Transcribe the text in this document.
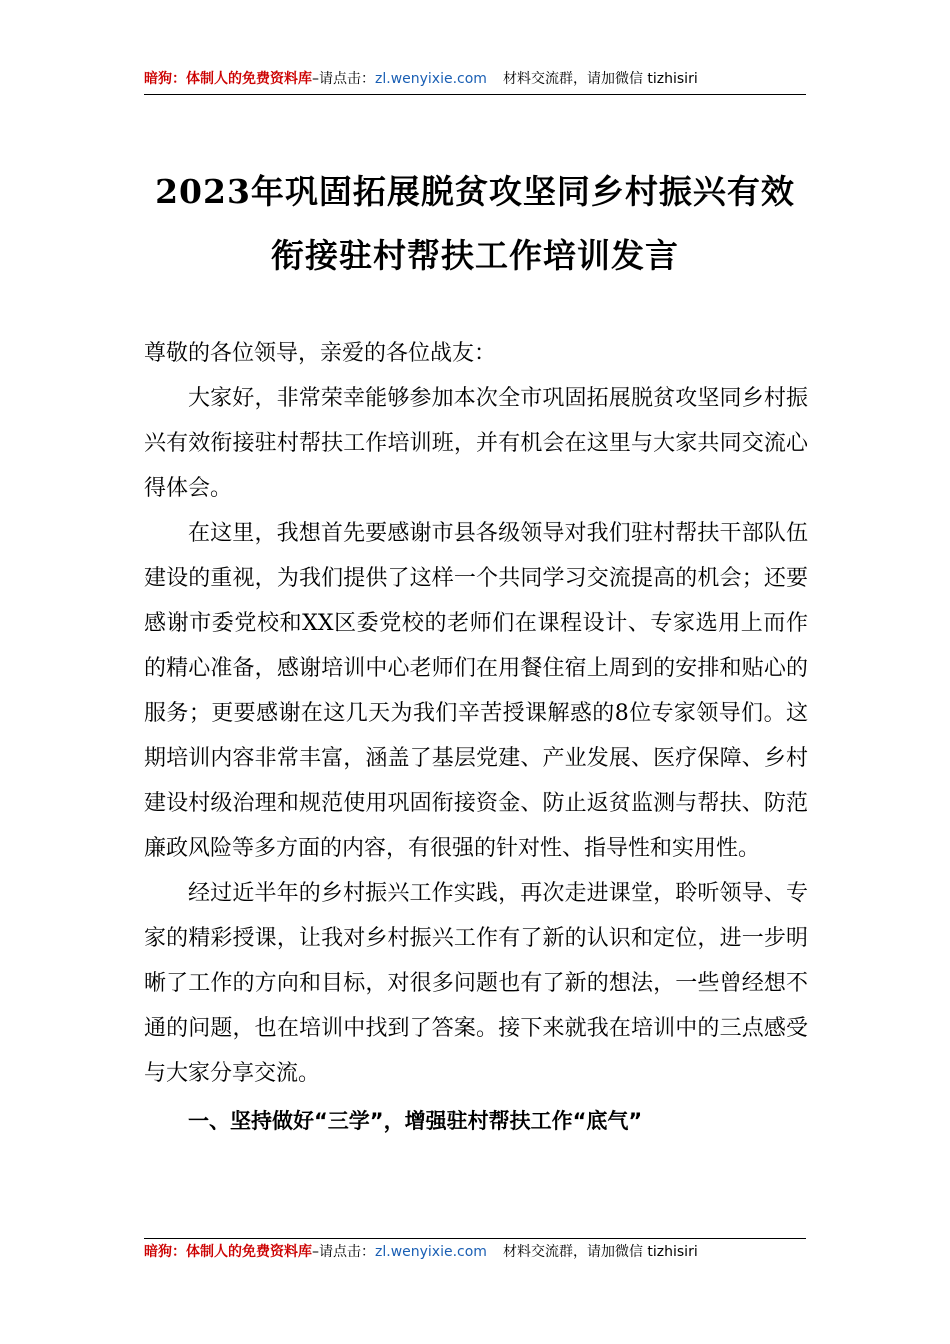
暗狗：体制人的免费资料库–请点击：zl.wenyixie.com 材料交流群，请加微信 tizhisiri
2023年巩固拓展脱贫攻坚同乡村振兴有效
衔接驻村帮扶工作培训发言

尊敬的各位领导，亲爱的各位战友：

大家好，非常荣幸能够参加本次全市巩固拓展脱贫攻坚同乡村振兴有效衔接驻村帮扶工作培训班，并有机会在这里与大家共同交流心得体会。

在这里，我想首先要感谢市县各级领导对我们驻村帮扶干部队伍建设的重视，为我们提供了这样一个共同学习交流提高的机会；还要感谢市委党校和XX区委党校的老师们在课程设计、专家选用上而作的精心准备，感谢培训中心老师们在用餐住宿上周到的安排和贴心的服务；更要感谢在这几天为我们辛苦授课解惑的8位专家领导们。这期培训内容非常丰富，涵盖了基层党建、产业发展、医疗保障、乡村建设村级治理和规范使用巩固衔接资金、防止返贫监测与帮扶、防范廉政风险等多方面的内容，有很强的针对性、指导性和实用性。

经过近半年的乡村振兴工作实践，再次走进课堂，聆听领导、专家的精彩授课，让我对乡村振兴工作有了新的认识和定位，进一步明晰了工作的方向和目标，对很多问题也有了新的想法，一些曾经想不通的问题，也在培训中找到了答案。接下来就我在培训中的三点感受与大家分享交流。

一、坚持做好“三学”，增强驻村帮扶工作“底气”
暗狗：体制人的免费资料库–请点击：zl.wenyixie.com 材料交流群，请加微信 tizhisiri
